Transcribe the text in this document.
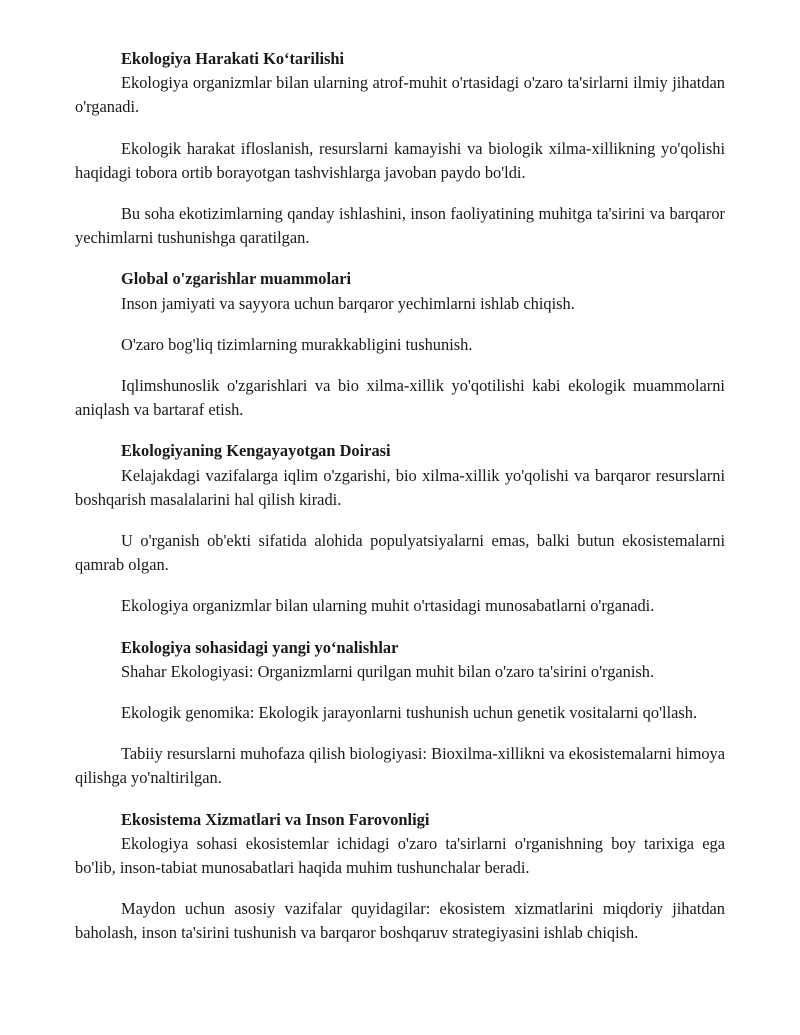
Ekologiya Harakati Koʻtarilishi

Ekologiya organizmlar bilan ularning atrof-muhit o'rtasidagi o'zaro ta'sirlarni ilmiy jihatdan o'rganadi.

Ekologik harakat ifloslanish, resurslarni kamayishi va biologik xilma-xillikning yo'qolishi haqidagi tobora ortib borayotgan tashvishlarga javoban paydo bo'ldi.

Bu soha ekotizimlarning qanday ishlashini, inson faoliyatining muhitga ta'sirini va barqaror yechimlarni tushunishga qaratilgan.

Global o'zgarishlar muammolari

Inson jamiyati va sayyora uchun barqaror yechimlarni ishlab chiqish.

O'zaro bog'liq tizimlarning murakkabligini tushunish.

Iqlimshunoslik o'zgarishlari va bio xilma-xillik yo'qotilishi kabi ekologik muammolarni aniqlash va bartaraf etish.

Ekologiyaning Kengayayotgan Doirasi

Kelajakdagi vazifalarga iqlim o'zgarishi, bio xilma-xillik yo'qolishi va barqaror resurslarni boshqarish masalalarini hal qilish kiradi.

U o'rganish ob'ekti sifatida alohida populyatsiyalarni emas, balki butun ekosistemalarni qamrab olgan.

Ekologiya organizmlar bilan ularning muhit o'rtasidagi munosabatlarni o'rganadi.

Ekologiya sohasidagi yangi yoʻnalishlar

Shahar Ekologiyasi: Organizmlarni qurilgan muhit bilan o'zaro ta'sirini o'rganish.

Ekologik genomika: Ekologik jarayonlarni tushunish uchun genetik vositalarni qo'llash.

Tabiiy resurslarni muhofaza qilish biologiyasi: Bioxilma-xillikni va ekosistemalarni himoya qilishga yo'naltirilgan.

Ekosistema Xizmatlari va Inson Farovonligi

Ekologiya sohasi ekosistemlar ichidagi o'zaro ta'sirlarni o'rganishning boy tarixiga ega bo'lib, inson-tabiat munosabatlari haqida muhim tushunchalar beradi.

Maydon uchun asosiy vazifalar quyidagilar: ekosistem xizmatlarini miqdoriy jihatdan baholash, inson ta'sirini tushunish va barqaror boshqaruv strategiyasini ishlab chiqish.
